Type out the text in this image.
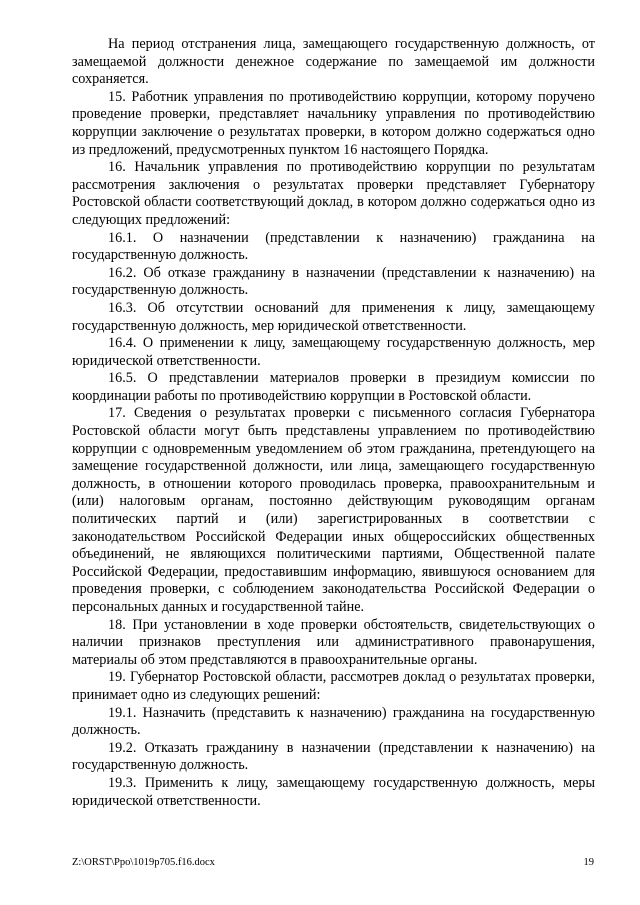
На период отстранения лица, замещающего государственную должность, от замещаемой должности денежное содержание по замещаемой им должности сохраняется.

15. Работник управления по противодействию коррупции, которому поручено проведение проверки, представляет начальнику управления по противодействию коррупции заключение о результатах проверки, в котором должно содержаться одно из предложений, предусмотренных пунктом 16 настоящего Порядка.

16. Начальник управления по противодействию коррупции по результатам рассмотрения заключения о результатах проверки представляет Губернатору Ростовской области соответствующий доклад, в котором должно содержаться одно из следующих предложений:

16.1. О назначении (представлении к назначению) гражданина на государственную должность.

16.2. Об отказе гражданину в назначении (представлении к назначению) на государственную должность.

16.3. Об отсутствии оснований для применения к лицу, замещающему государственную должность, мер юридической ответственности.

16.4. О применении к лицу, замещающему государственную должность, мер юридической ответственности.

16.5. О представлении материалов проверки в президиум комиссии по координации работы по противодействию коррупции в Ростовской области.

17. Сведения о результатах проверки с письменного согласия Губернатора Ростовской области могут быть представлены управлением по противодействию коррупции с одновременным уведомлением об этом гражданина, претендующего на замещение государственной должности, или лица, замещающего государственную должность, в отношении которого проводилась проверка, правоохранительным и (или) налоговым органам, постоянно действующим руководящим органам политических партий и (или) зарегистрированных в соответствии с законодательством Российской Федерации иных общероссийских общественных объединений, не являющихся политическими партиями, Общественной палате Российской Федерации, предоставившим информацию, явившуюся основанием для проведения проверки, с соблюдением законодательства Российской Федерации о персональных данных и государственной тайне.

18. При установлении в ходе проверки обстоятельств, свидетельствующих о наличии признаков преступления или административного правонарушения, материалы об этом представляются в правоохранительные органы.

19. Губернатор Ростовской области, рассмотрев доклад о результатах проверки, принимает одно из следующих решений:

19.1. Назначить (представить к назначению) гражданина на государственную должность.

19.2. Отказать гражданину в назначении (представлении к назначению) на государственную должность.

19.3. Применить к лицу, замещающему государственную должность, меры юридической ответственности.

Z:\ORST\Ppo\1019p705.f16.docx	19
